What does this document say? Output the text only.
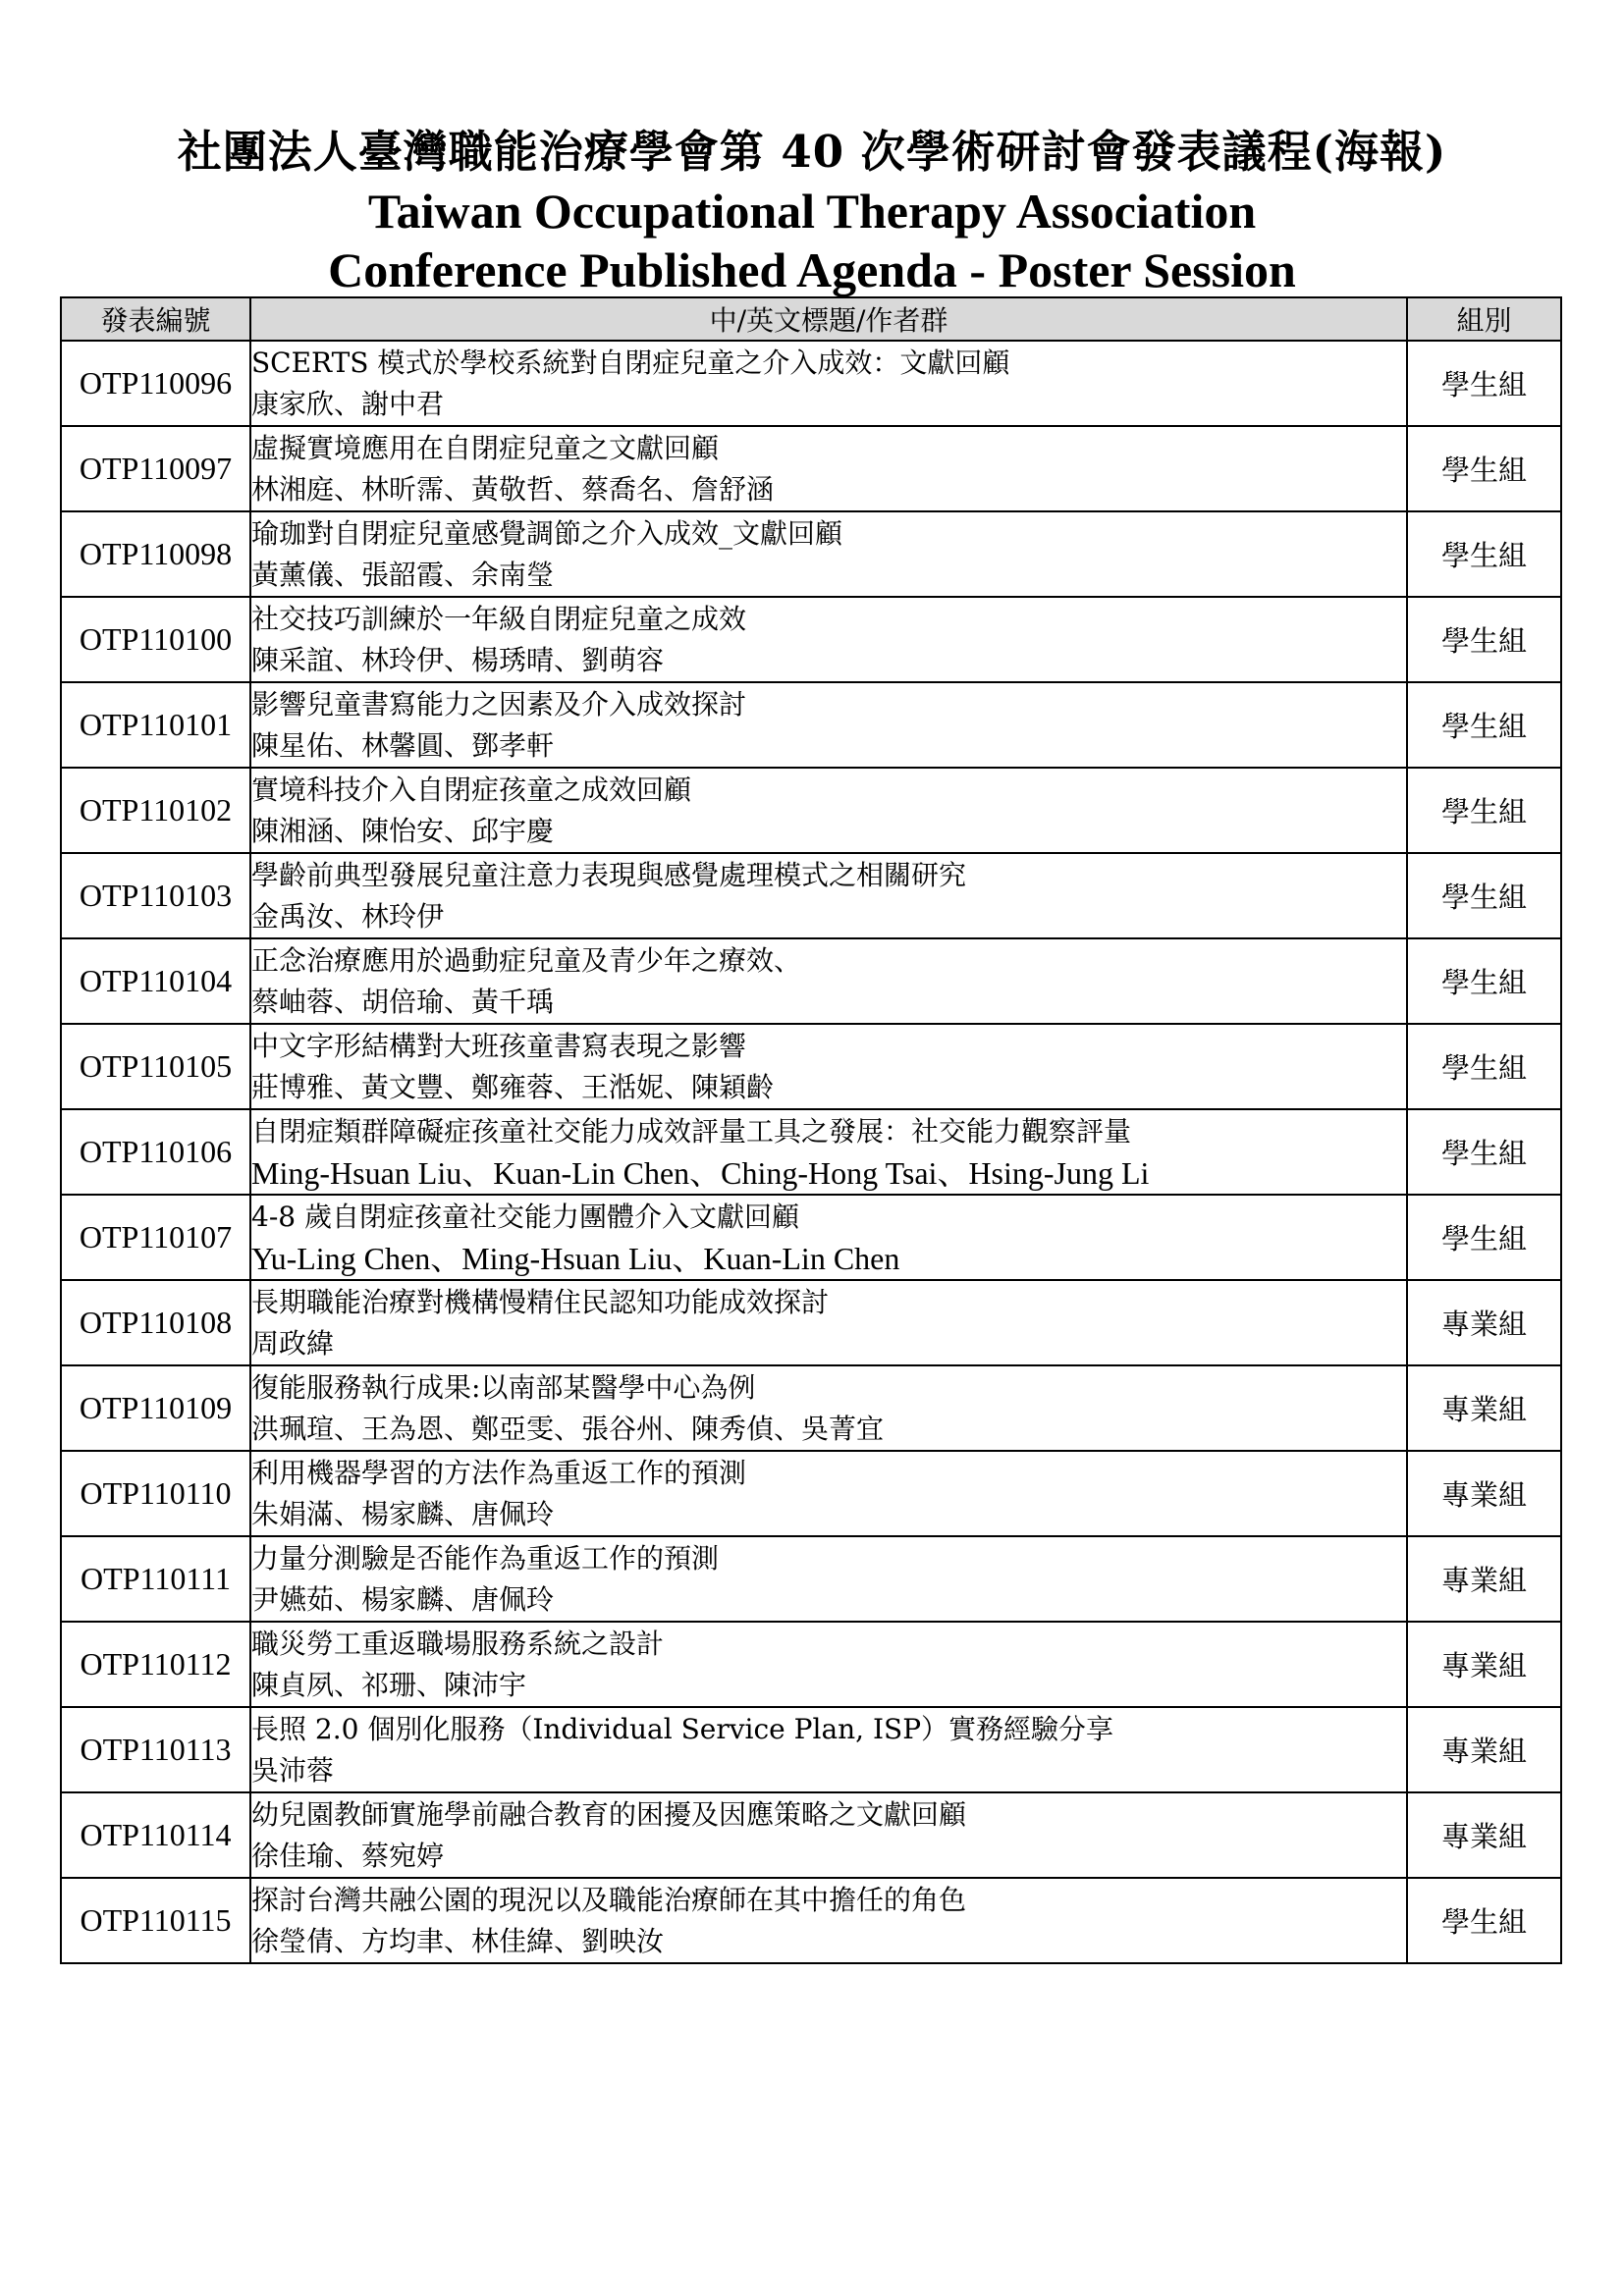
社團法人臺灣職能治療學會第 40 次學術研討會發表議程(海報)
Taiwan Occupational Therapy Association
Conference Published Agenda - Poster Session
發表編號	中/英文標題/作者群	組別
OTP110096	SCERTS 模式於學校系統對自閉症兒童之介入成效：文獻回顧
康家欣、謝中君	學生組
OTP110097	虛擬實境應用在自閉症兒童之文獻回顧
林湘庭、林昕霈、黃敬哲、蔡喬名、詹舒涵	學生組
OTP110098	瑜珈對自閉症兒童感覺調節之介入成效_文獻回顧
黃薰儀、張韶霞、余南瑩	學生組
OTP110100	社交技巧訓練於一年級自閉症兒童之成效
陳采誼、林玲伊、楊琇晴、劉萌容	學生組
OTP110101	影響兒童書寫能力之因素及介入成效探討
陳星佑、林馨圓、鄧孝軒	學生組
OTP110102	實境科技介入自閉症孩童之成效回顧
陳湘涵、陳怡安、邱宇慶	學生組
OTP110103	學齡前典型發展兒童注意力表現與感覺處理模式之相關研究
金禹汝、林玲伊	學生組
OTP110104	正念治療應用於過動症兒童及青少年之療效、
蔡岫蓉、胡倍瑜、黃千瑀	學生組
OTP110105	中文字形結構對大班孩童書寫表現之影響
莊博雅、黃文豐、鄭雍蓉、王湉妮、陳穎齡	學生組
OTP110106	自閉症類群障礙症孩童社交能力成效評量工具之發展：社交能力觀察評量
Ming-Hsuan Liu、Kuan-Lin Chen、Ching-Hong Tsai、Hsing-Jung Li	學生組
OTP110107	4-8 歲自閉症孩童社交能力團體介入文獻回顧
Yu-Ling Chen、Ming-Hsuan Liu、Kuan-Lin Chen	學生組
OTP110108	長期職能治療對機構慢精住民認知功能成效探討
周政緯	專業組
OTP110109	復能服務執行成果:以南部某醫學中心為例
洪珮瑄、王為恩、鄭亞雯、張谷州、陳秀偵、吳菁宜	專業組
OTP110110	利用機器學習的方法作為重返工作的預測
朱娟滿、楊家麟、唐佩玲	專業組
OTP110111	力量分測驗是否能作為重返工作的預測
尹嬿茹、楊家麟、唐佩玲	專業組
OTP110112	職災勞工重返職場服務系統之設計
陳貞夙、祁珊、陳沛宇	專業組
OTP110113	長照 2.0 個別化服務（Individual Service Plan, ISP）實務經驗分享
吳沛蓉	專業組
OTP110114	幼兒園教師實施學前融合教育的困擾及因應策略之文獻回顧
徐佳瑜、蔡宛婷	專業組
OTP110115	探討台灣共融公園的現況以及職能治療師在其中擔任的角色
徐瑩倩、方均聿、林佳緯、劉映汝	學生組
